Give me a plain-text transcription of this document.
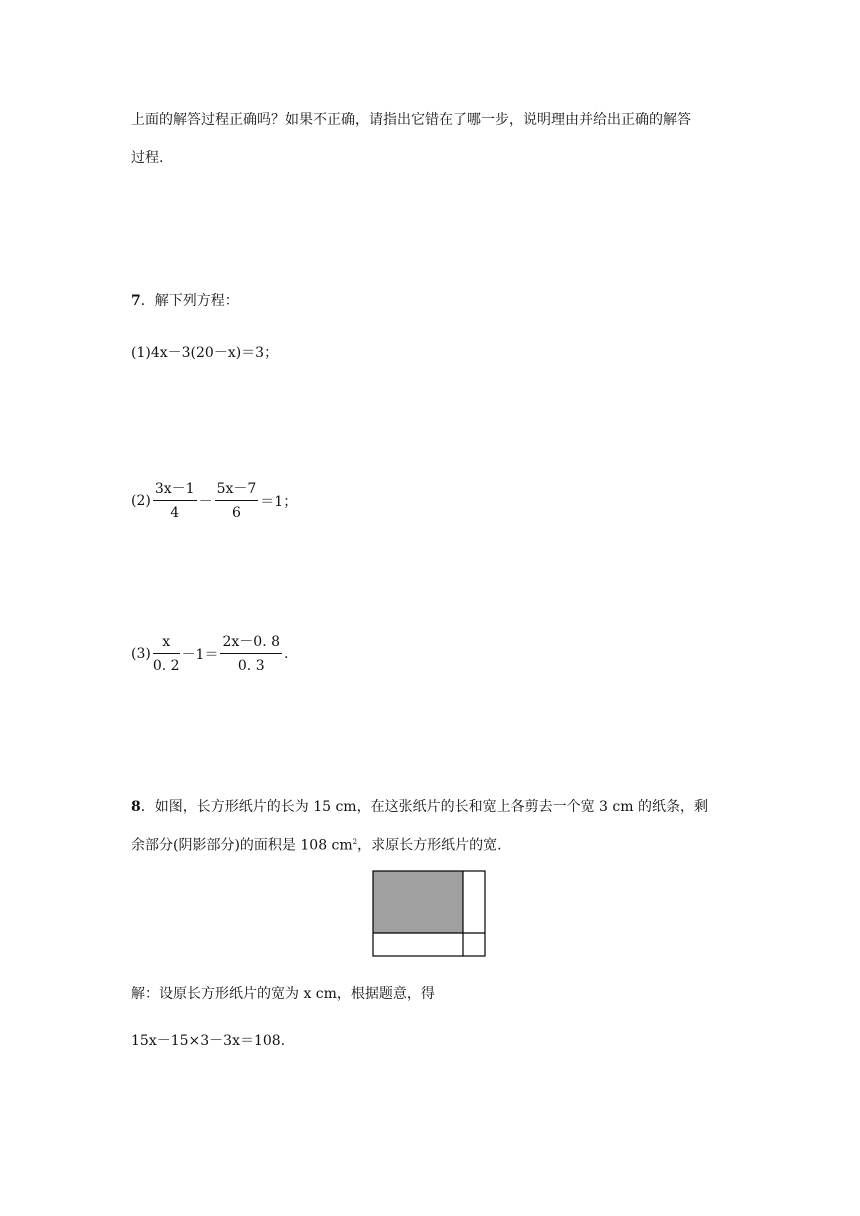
上面的解答过程正确吗？如果不正确，请指出它错在了哪一步，说明理由并给出正确的解答
过程.
7．解下列方程：
(1)4x－3(20－x)＝3；
$(2) \frac{3x-1}{4} - \frac{5x-7}{6} =1$；
$(3) \frac{x}{0. 2} -1= \frac{2x-0. 8}{0. 3}$ .
8．如图，长方形纸片的长为 15 cm，在这张纸片的长和宽上各剪去一个宽 3 cm 的纸条，剩
余部分(阴影部分)的面积是 108 $cm^2$，求原长方形纸片的宽.
解：设原长方形纸片的宽为 x cm，根据题意，得
15x－15×3－3x＝108.
